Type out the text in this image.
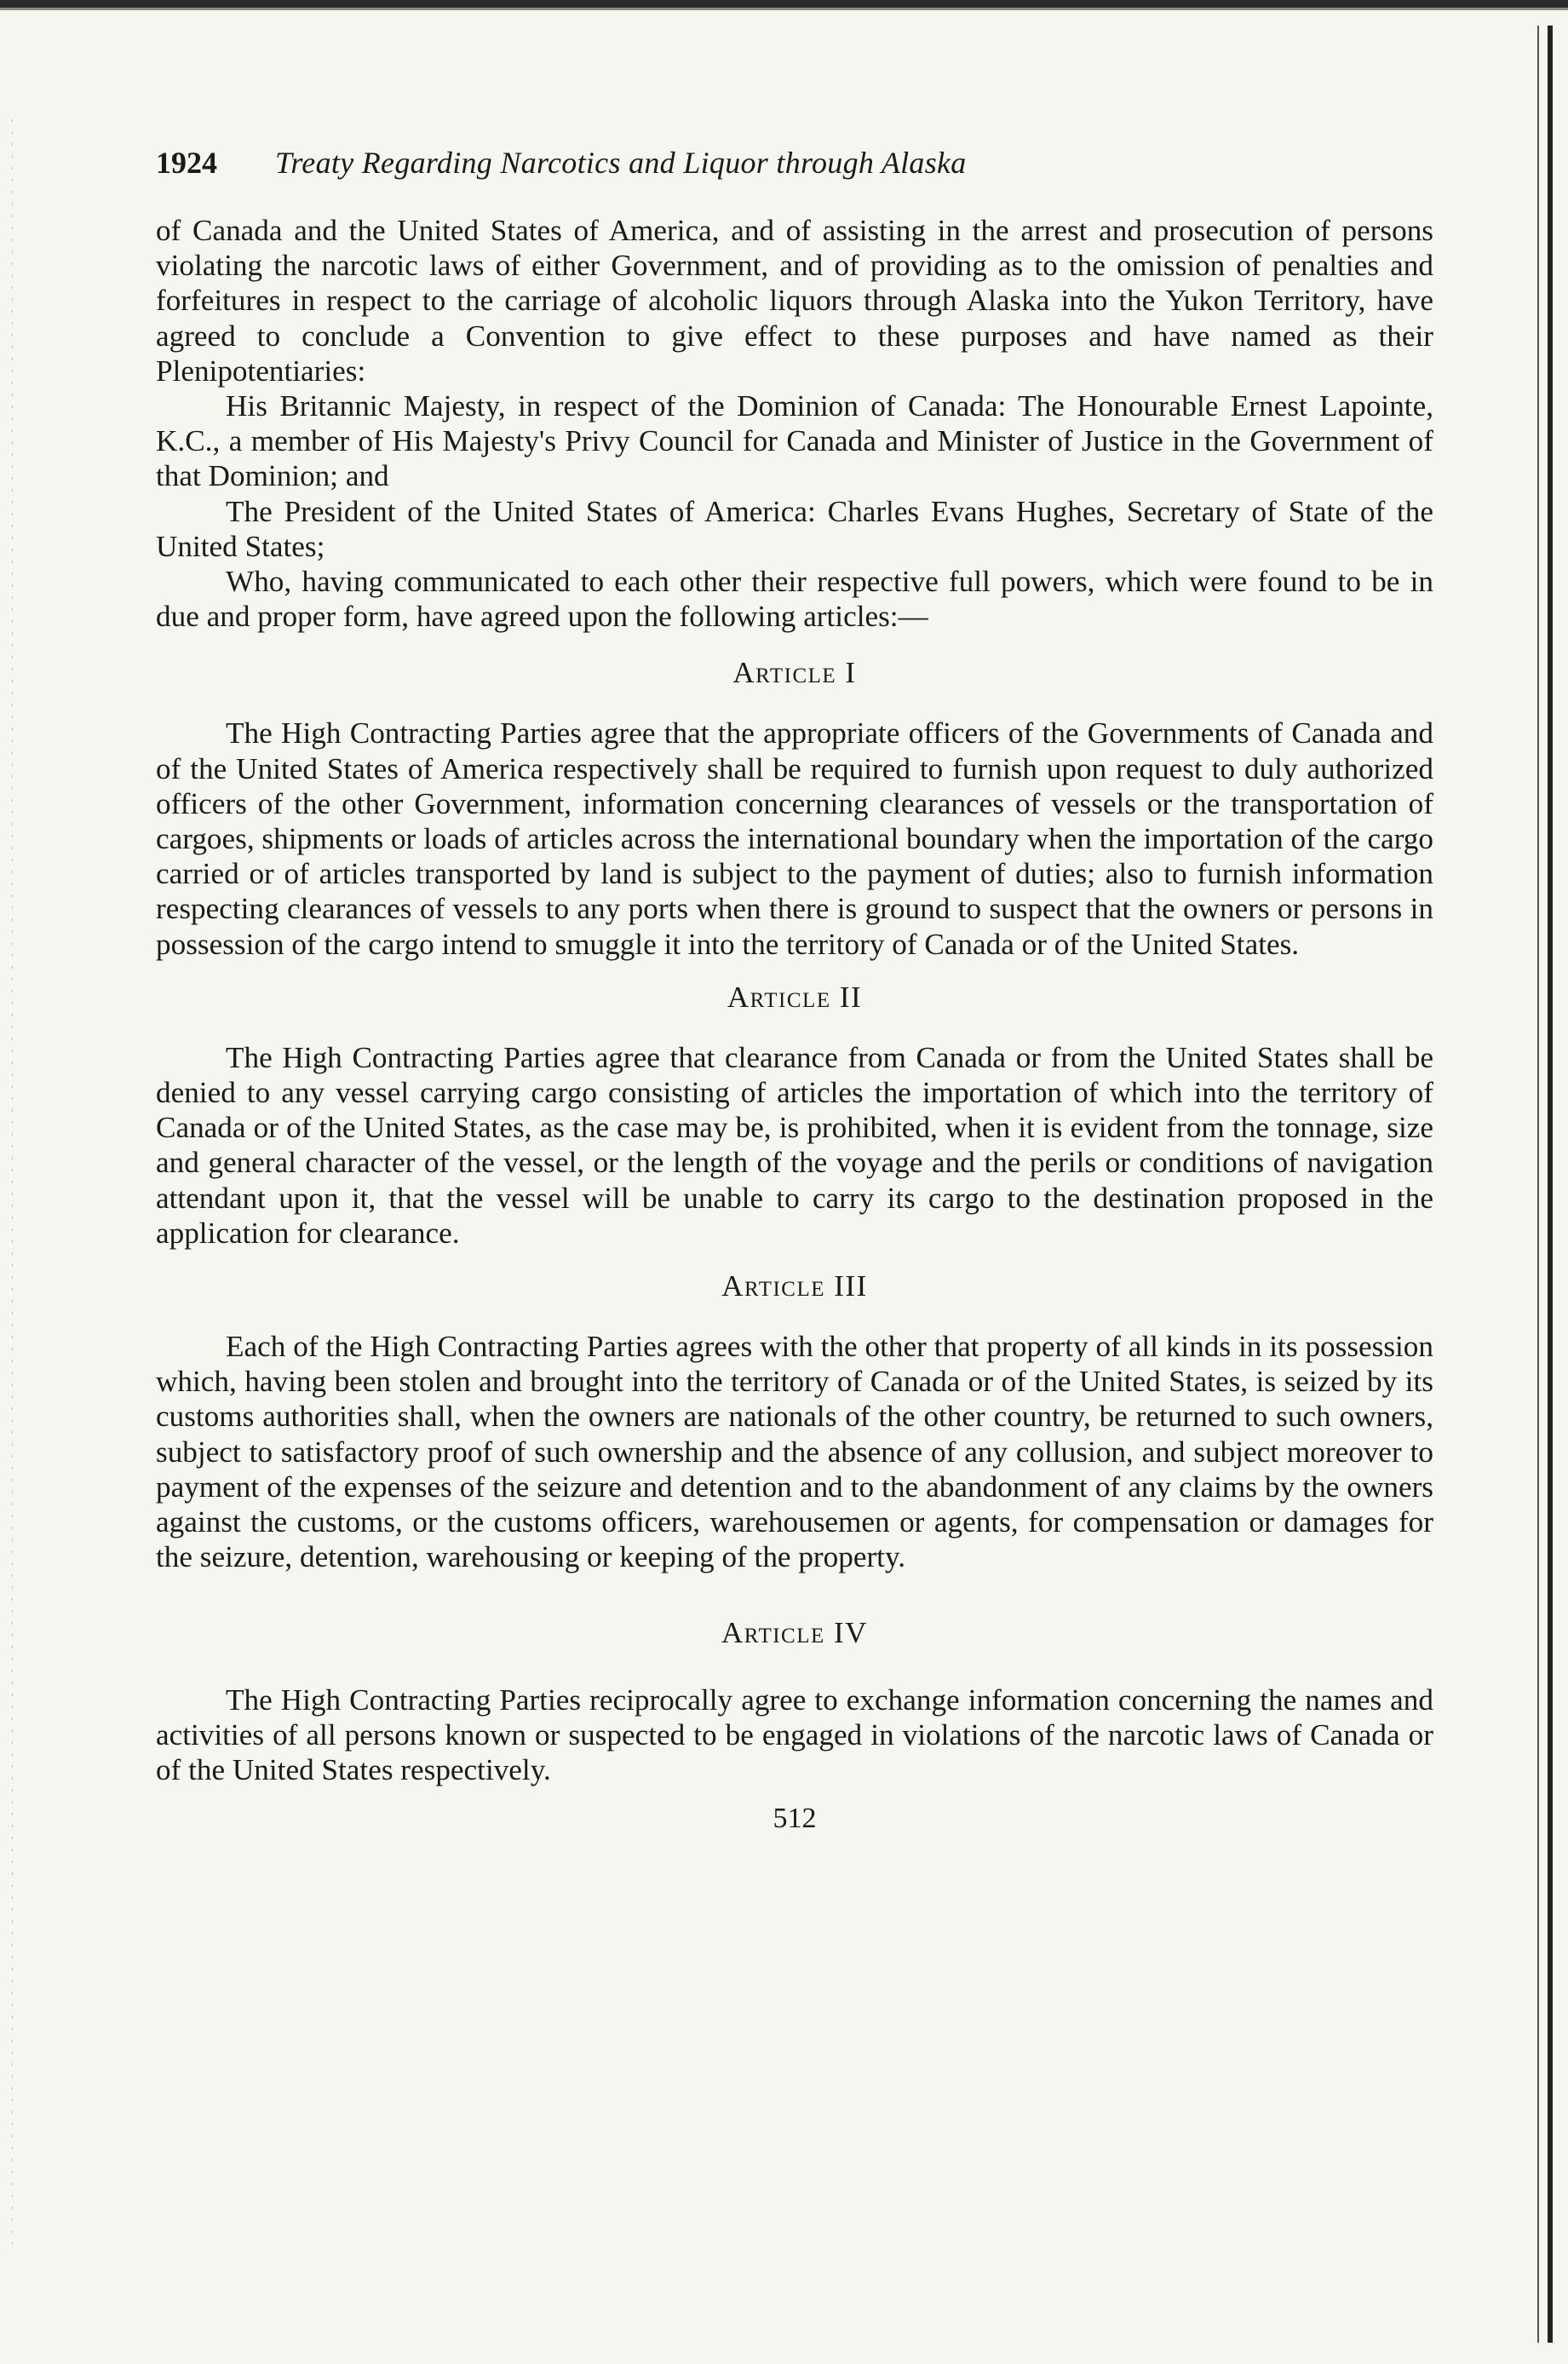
1924 Treaty Regarding Narcotics and Liquor through Alaska

of Canada and the United States of America, and of assisting in the arrest and prosecution of persons violating the narcotic laws of either Government, and of providing as to the omission of penalties and forfeitures in respect to the carriage of alcoholic liquors through Alaska into the Yukon Territory, have agreed to conclude a Convention to give effect to these purposes and have named as their Plenipotentiaries:

His Britannic Majesty, in respect of the Dominion of Canada: The Honourable Ernest Lapointe, K.C., a member of His Majesty's Privy Council for Canada and Minister of Justice in the Government of that Dominion; and

The President of the United States of America: Charles Evans Hughes, Secretary of State of the United States;

Who, having communicated to each other their respective full powers, which were found to be in due and proper form, have agreed upon the following articles:—

Article I

The High Contracting Parties agree that the appropriate officers of the Governments of Canada and of the United States of America respectively shall be required to furnish upon request to duly authorized officers of the other Government, information concerning clearances of vessels or the transportation of cargoes, shipments or loads of articles across the international boundary when the importation of the cargo carried or of articles transported by land is subject to the payment of duties; also to furnish information respecting clearances of vessels to any ports when there is ground to suspect that the owners or persons in possession of the cargo intend to smuggle it into the territory of Canada or of the United States.

Article II

The High Contracting Parties agree that clearance from Canada or from the United States shall be denied to any vessel carrying cargo consisting of articles the importation of which into the territory of Canada or of the United States, as the case may be, is prohibited, when it is evident from the tonnage, size and general character of the vessel, or the length of the voyage and the perils or conditions of navigation attendant upon it, that the vessel will be unable to carry its cargo to the destination proposed in the application for clearance.

Article III

Each of the High Contracting Parties agrees with the other that property of all kinds in its possession which, having been stolen and brought into the territory of Canada or of the United States, is seized by its customs authorities shall, when the owners are nationals of the other country, be returned to such owners, subject to satisfactory proof of such ownership and the absence of any collusion, and subject moreover to payment of the expenses of the seizure and detention and to the abandonment of any claims by the owners against the customs, or the customs officers, warehousemen or agents, for compensation or damages for the seizure, detention, warehousing or keeping of the property.

Article IV

The High Contracting Parties reciprocally agree to exchange information concerning the names and activities of all persons known or suspected to be engaged in violations of the narcotic laws of Canada or of the United States respectively.

512
